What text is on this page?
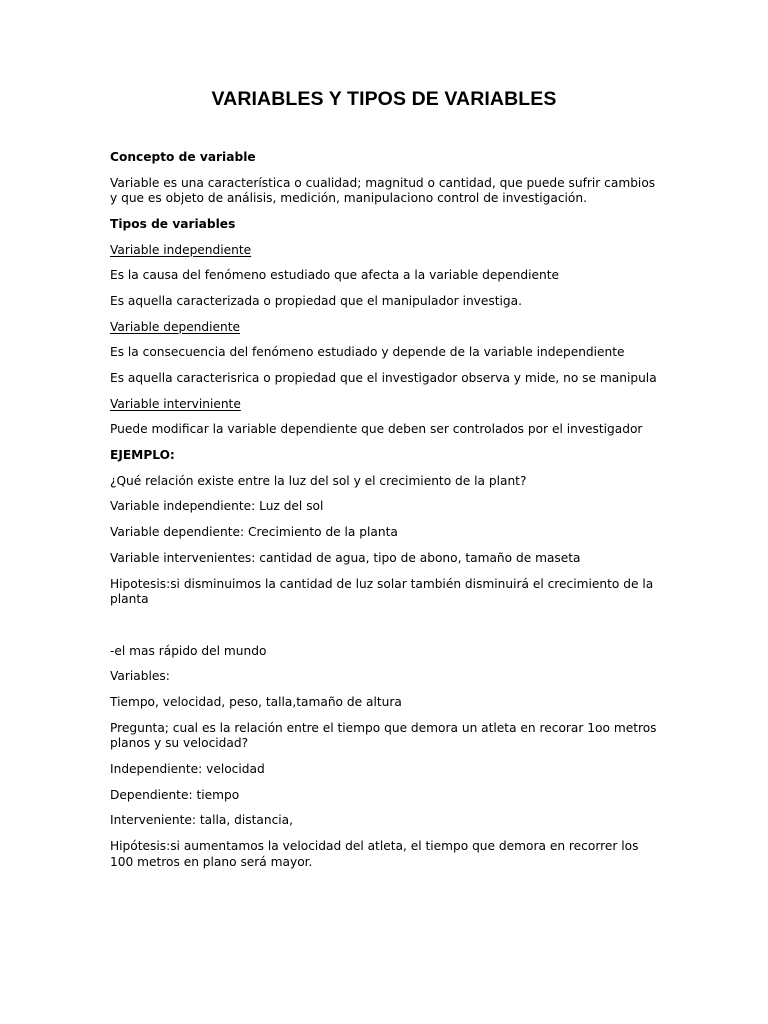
VARIABLES Y TIPOS DE VARIABLES

Concepto de variable

Variable es una característica o cualidad; magnitud o cantidad, que puede sufrir cambios y que es objeto de análisis, medición, manipulaciono control de investigación.

Tipos de variables

Variable independiente

Es la causa del fenómeno estudiado que afecta a la variable dependiente

Es aquella caracterizada o propiedad que el manipulador investiga.

Variable dependiente

Es la consecuencia del fenómeno estudiado y depende de la variable independiente

Es aquella caracterisrica o propiedad que el investigador observa y mide, no se manipula

Variable interviniente

Puede modificar la variable dependiente que deben ser controlados por el investigador

EJEMPLO:

¿Qué relación existe entre la luz del sol y el crecimiento de la plant?

Variable independiente: Luz del sol

Variable dependiente: Crecimiento de la planta

Variable intervenientes: cantidad de agua, tipo de abono, tamaño de maseta

Hipotesis:si disminuimos la cantidad de luz solar también disminuirá el crecimiento de la planta

-el mas rápido del mundo

Variables:

Tiempo, velocidad, peso, talla,tamaño de altura

Pregunta; cual es la relación entre el tiempo que demora un atleta en recorar 1oo metros planos y su velocidad?

Independiente: velocidad

Dependiente: tiempo

Interveniente: talla, distancia,

Hipótesis:si aumentamos la velocidad del atleta, el tiempo que demora en recorrer los 100 metros en plano será mayor.
